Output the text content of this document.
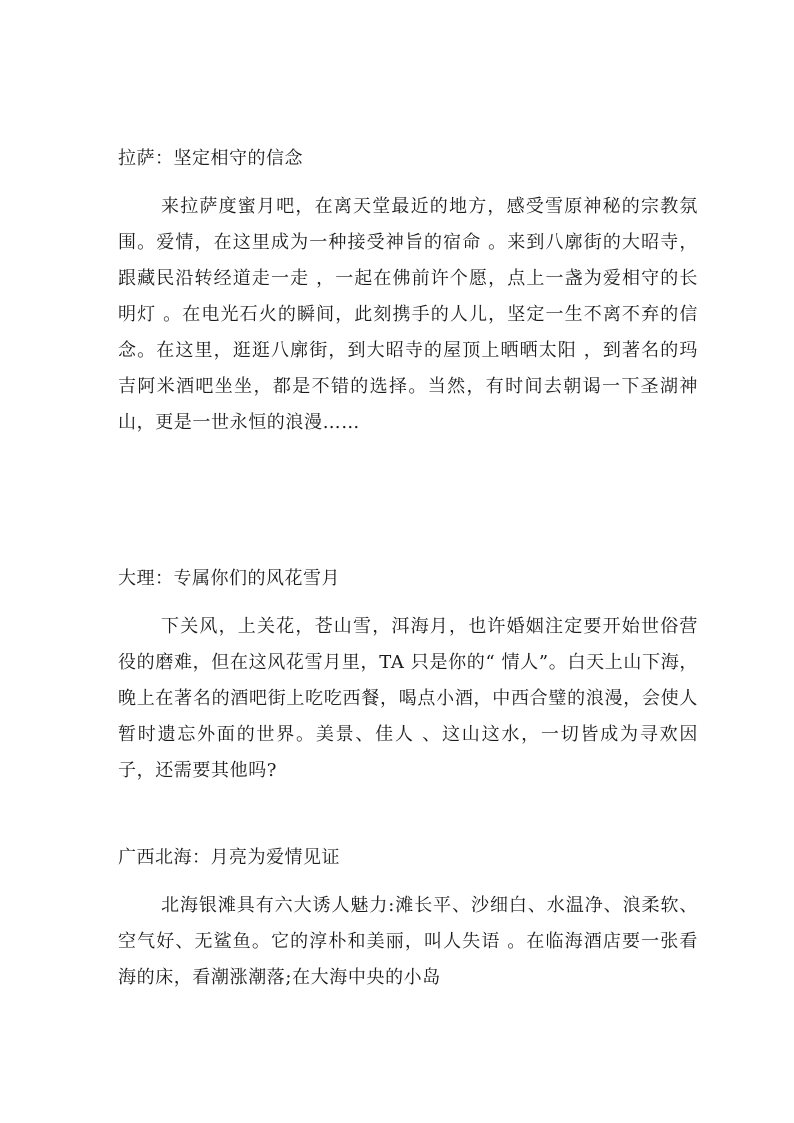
拉萨：坚定相守的信念

来拉萨度蜜月吧，在离天堂最近的地方，感受雪原神秘的宗教氛围。爱情，在这里成为一种接受神旨的宿命 。来到八廓街的大昭寺，跟藏民沿转经道走一走 ，一起在佛前许个愿，点上一盏为爱相守的长明灯 。在电光石火的瞬间，此刻携手的人儿，坚定一生不离不弃的信念。在这里，逛逛八廓街，到大昭寺的屋顶上晒晒太阳 ，到著名的玛吉阿米酒吧坐坐，都是不错的选择。当然，有时间去朝谒一下圣湖神山，更是一世永恒的浪漫……

大理：专属你们的风花雪月

下关风，上关花，苍山雪，洱海月，也许婚姻注定要开始世俗营役的磨难，但在这风花雪月里，TA 只是你的“ 情人”。白天上山下海，晚上在著名的酒吧街上吃吃西餐，喝点小酒，中西合璧的浪漫，会使人暂时遗忘外面的世界。美景、佳人 、这山这水，一切皆成为寻欢因子，还需要其他吗?

广西北海：月亮为爱情见证

北海银滩具有六大诱人魅力:滩长平、沙细白、水温净、浪柔软、空气好、无鲨鱼。它的淳朴和美丽，叫人失语 。在临海酒店要一张看海的床，看潮涨潮落;在大海中央的小岛
